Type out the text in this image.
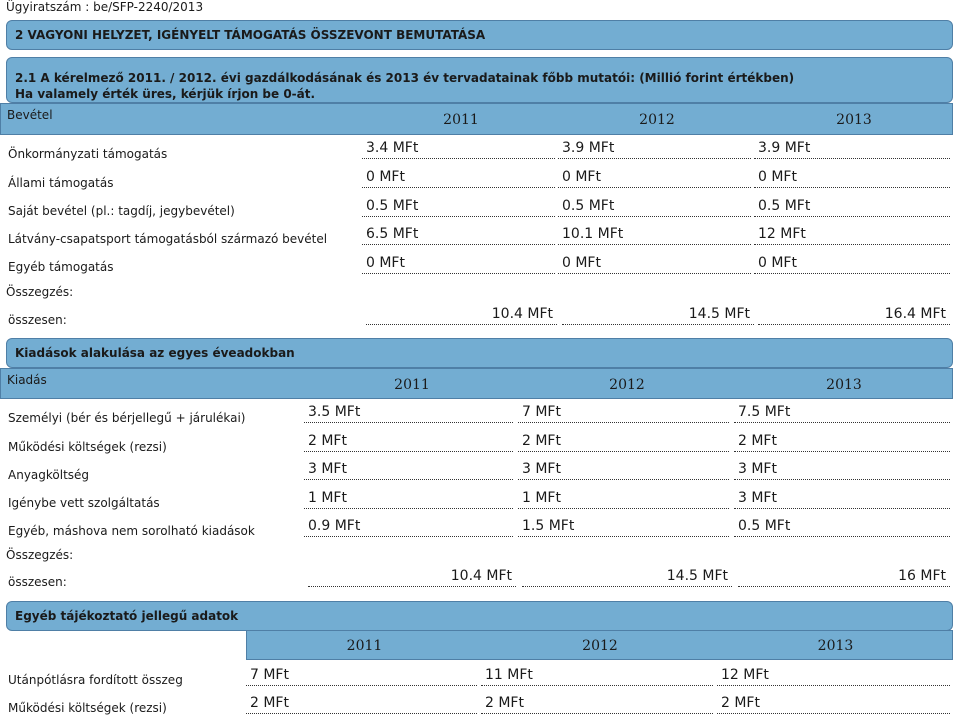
Ügyiratszám : be/SFP-2240/2013
2 VAGYONI HELYZET, IGÉNYELT TÁMOGATÁS ÖSSZEVONT BEMUTATÁSA
2.1 A kérelmező 2011. / 2012. évi gazdálkodásának és 2013 év tervadatainak főbb mutatói: (Millió forint értékben)
Ha valamely érték üres, kérjük írjon be 0-át.
Bevétel	2011	2012	2013
Önkormányzati támogatás	3.4 MFt	3.9 MFt	3.9 MFt
Állami támogatás	0 MFt	0 MFt	0 MFt
Saját bevétel (pl.: tagdíj, jegybevétel)	0.5 MFt	0.5 MFt	0.5 MFt
Látvány-csapatsport támogatásból származó bevétel	6.5 MFt	10.1 MFt	12 MFt
Egyéb támogatás	0 MFt	0 MFt	0 MFt
Összegzés:
összesen:	10.4 MFt	14.5 MFt	16.4 MFt
Kiadások alakulása az egyes éveadokban
Kiadás	2011	2012	2013
Személyi (bér és bérjellegű + járulékai)	3.5 MFt	7 MFt	7.5 MFt
Működési költségek (rezsi)	2 MFt	2 MFt	2 MFt
Anyagköltség	3 MFt	3 MFt	3 MFt
Igénybe vett szolgáltatás	1 MFt	1 MFt	3 MFt
Egyéb, máshova nem sorolható kiadások	0.9 MFt	1.5 MFt	0.5 MFt
Összegzés:
összesen:	10.4 MFt	14.5 MFt	16 MFt
Egyéb tájékoztató jellegű adatok
2011	2012	2013
Utánpótlásra fordított összeg	7 MFt	11 MFt	12 MFt
Működési költségek (rezsi)	2 MFt	2 MFt	2 MFt
